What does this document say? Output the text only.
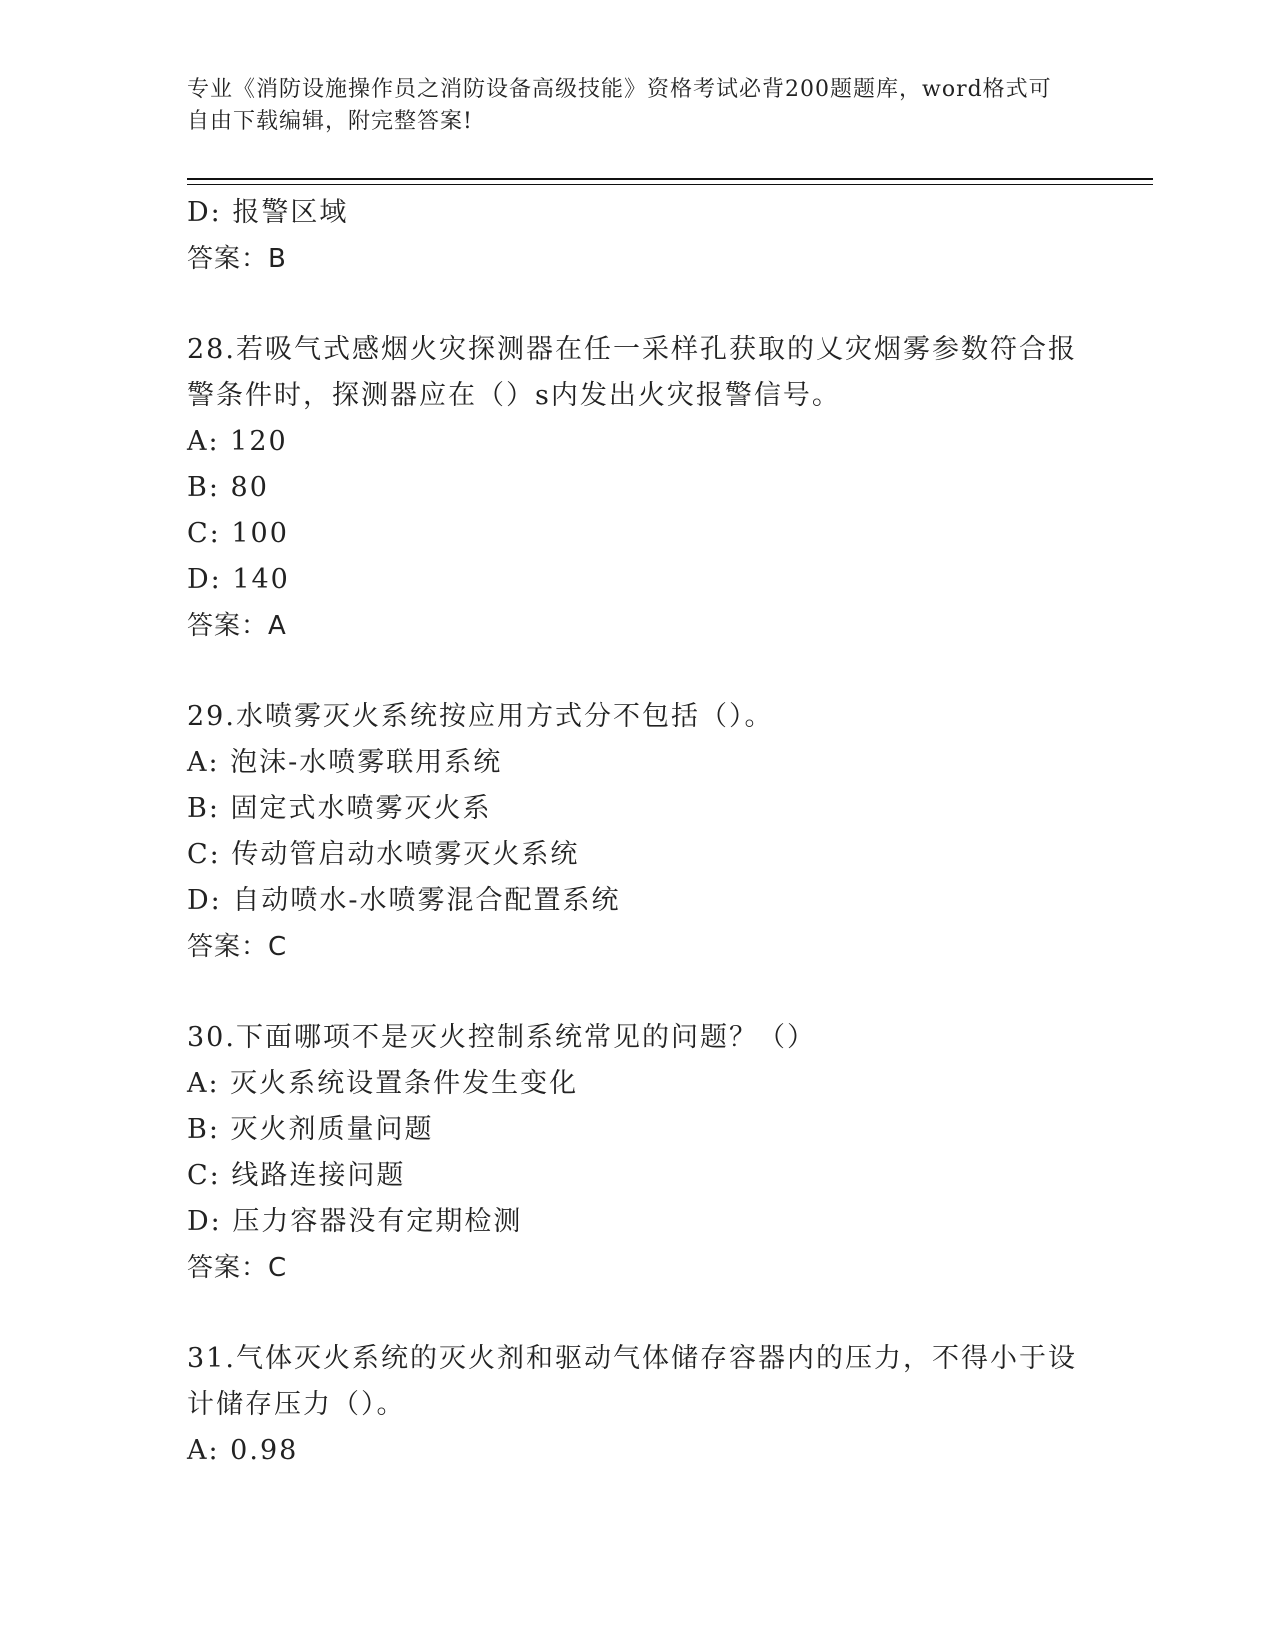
专业《消防设施操作员之消防设备高级技能》资格考试必背200题题库，word格式可自由下载编辑，附完整答案!
D: 报警区域
答案：B
28.若吸气式感烟火灾探测器在任一采样孔获取的乂灾烟雾参数符合报警条件时，探测器应在（）s内发出火灾报警信号。
A: 120
B: 80
C: 100
D: 140
答案：A
29.水喷雾灭火系统按应用方式分不包括（）。
A: 泡沫-水喷雾联用系统
B: 固定式水喷雾灭火系
C: 传动管启动水喷雾灭火系统
D: 自动喷水-水喷雾混合配置系统
答案：C
30.下面哪项不是灭火控制系统常见的问题？（）
A: 灭火系统设置条件发生变化
B: 灭火剂质量问题
C: 线路连接问题
D: 压力容器没有定期检测
答案：C
31.气体灭火系统的灭火剂和驱动气体储存容器内的压力，不得小于设计储存压力（）。
A: 0.98
